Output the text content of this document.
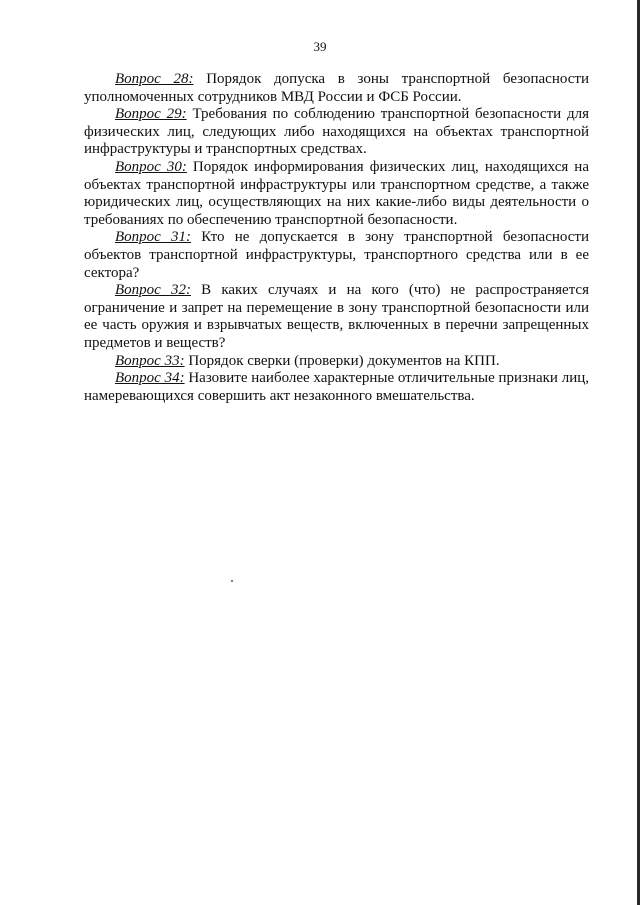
39

Вопрос 28: Порядок допуска в зоны транспортной безопасности уполномоченных сотрудников МВД России и ФСБ России.

Вопрос 29: Требования по соблюдению транспортной безопасности для физических лиц, следующих либо находящихся на объектах транспортной инфраструктуры и транспортных средствах.

Вопрос 30: Порядок информирования физических лиц, находящихся на объектах транспортной инфраструктуры или транспортном средстве, а также юридических лиц, осуществляющих на них какие-либо виды деятельности о требованиях по обеспечению транспортной безопасности.

Вопрос 31: Кто не допускается в зону транспортной безопасности объектов транспортной инфраструктуры, транспортного средства или в ее сектора?

Вопрос 32: В каких случаях и на кого (что) не распространяется ограничение и запрет на перемещение в зону транспортной безопасности или ее часть оружия и взрывчатых веществ, включенных в перечни запрещенных предметов и веществ?

Вопрос 33: Порядок сверки (проверки) документов на КПП.

Вопрос 34: Назовите наиболее характерные отличительные признаки лиц, намеревающихся совершить акт незаконного вмешательства.
